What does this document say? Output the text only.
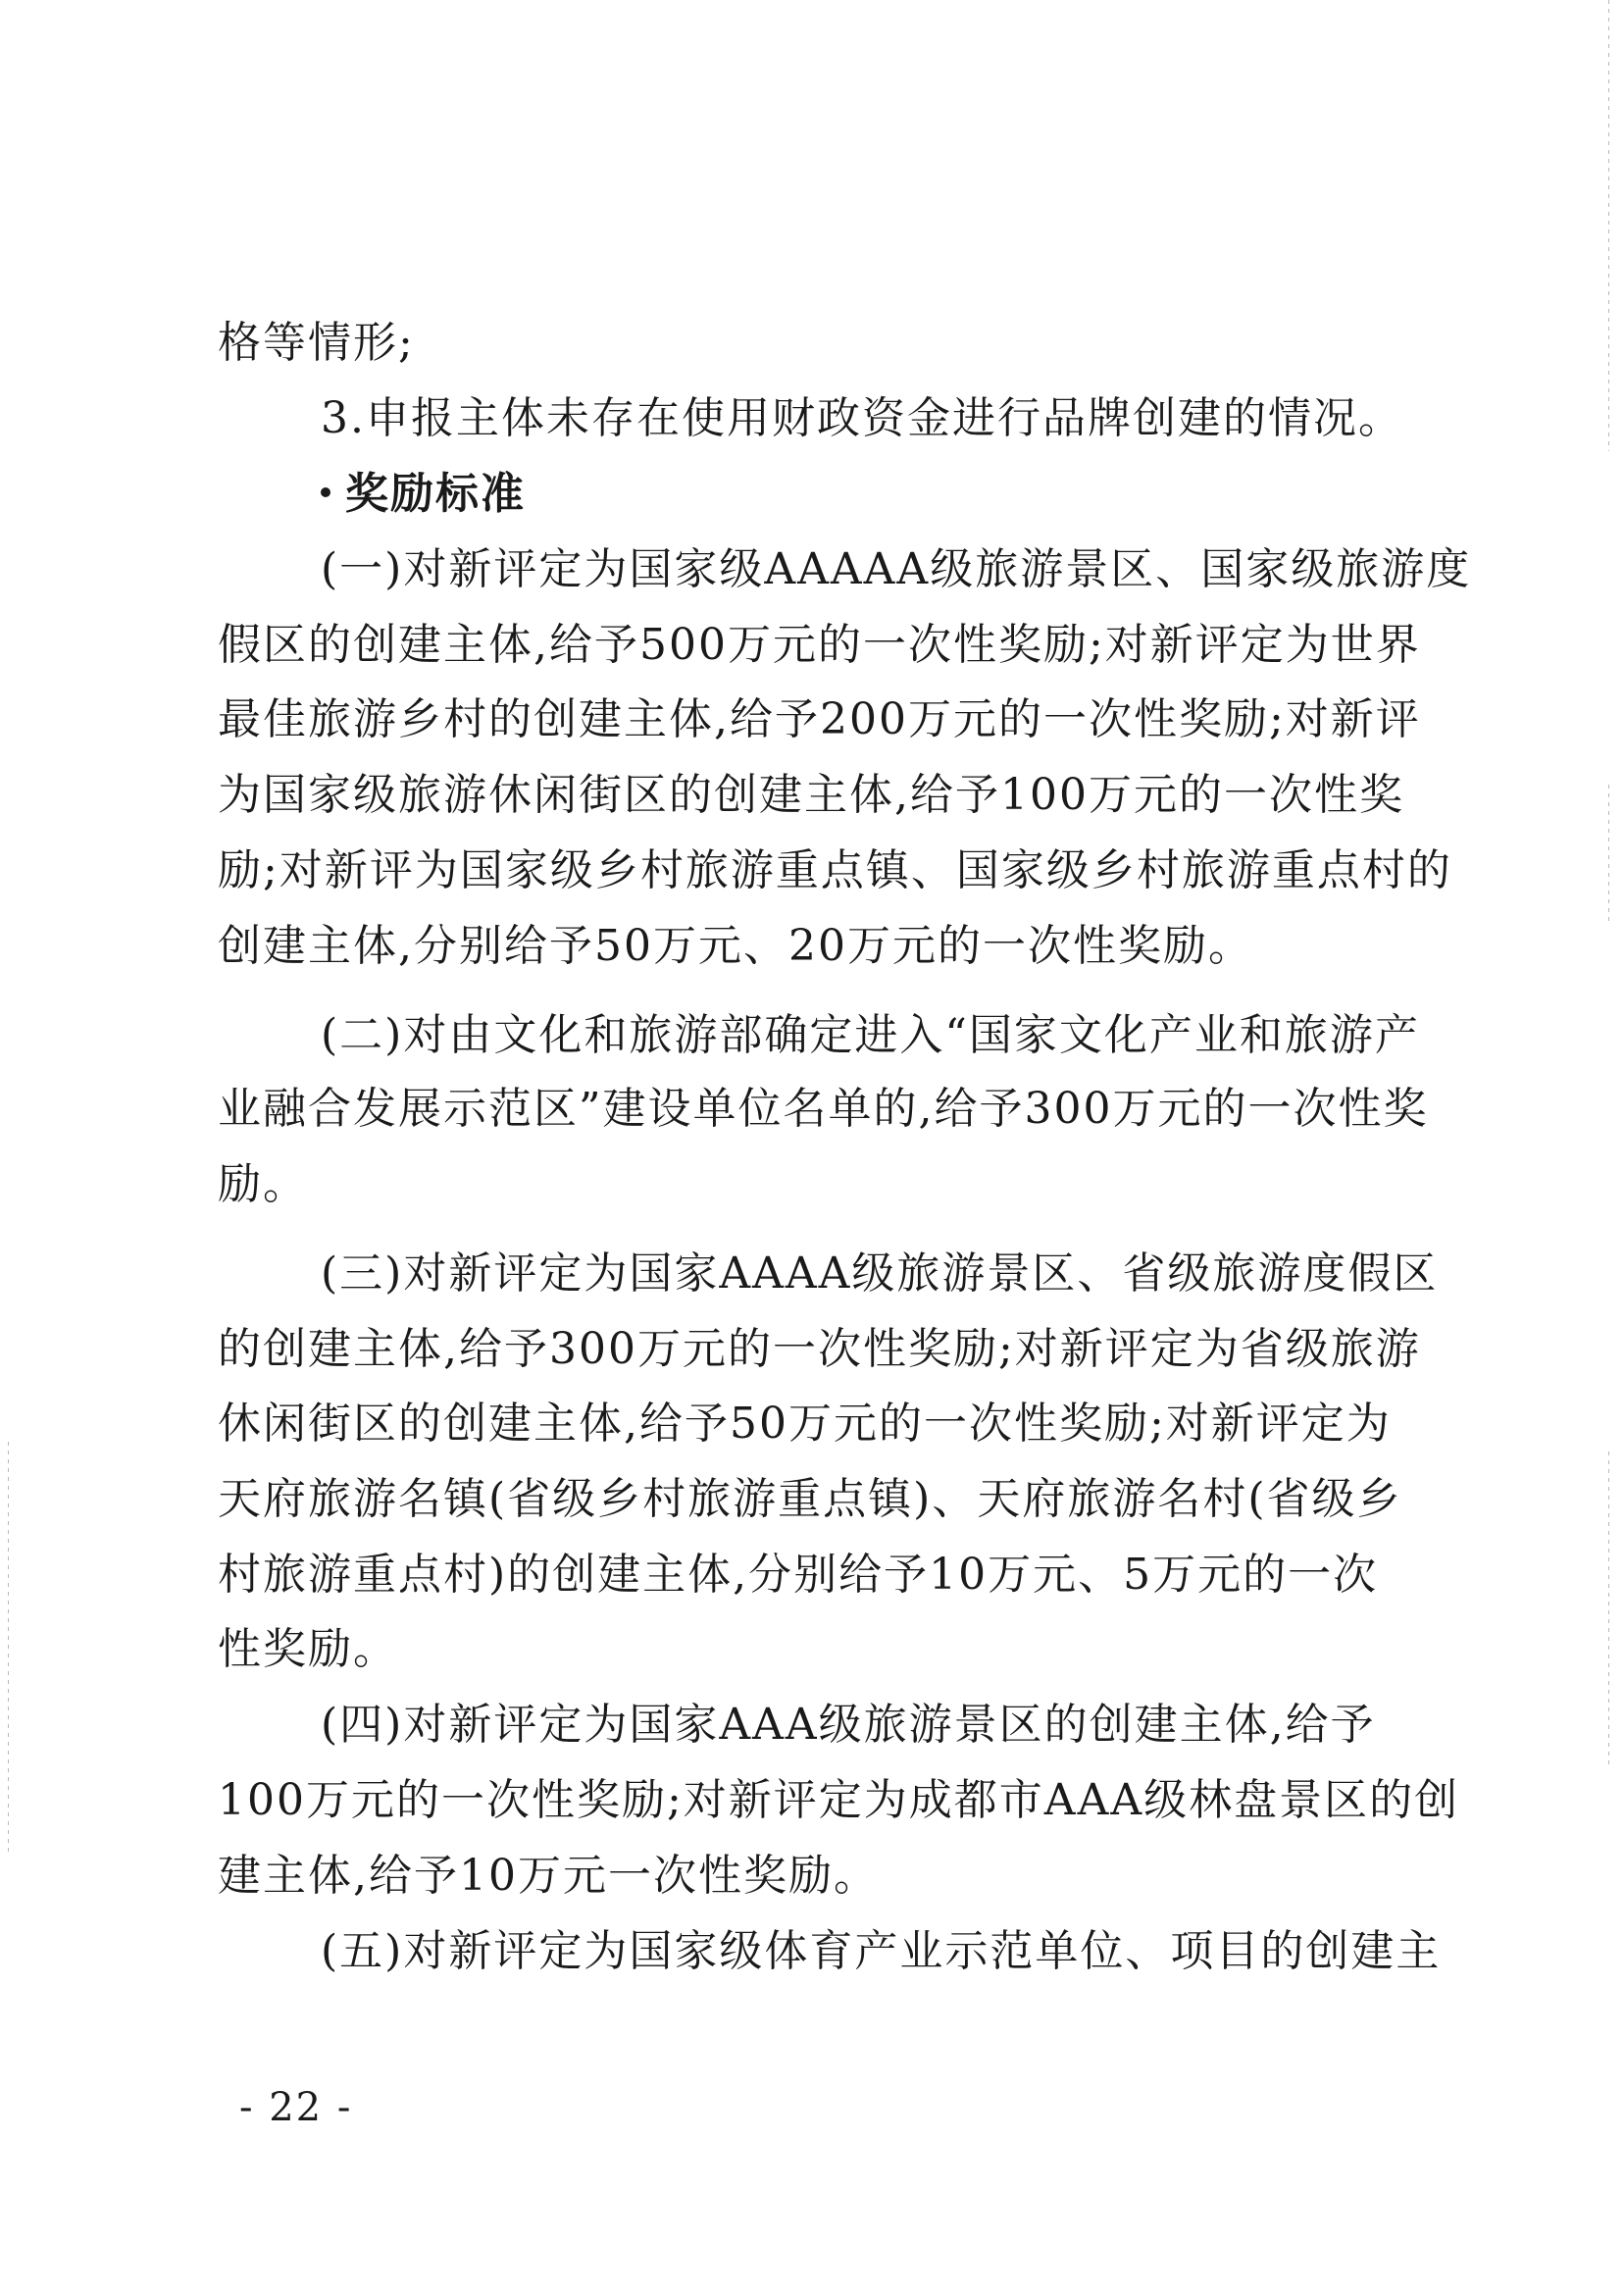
格等情形;
3.申报主体未存在使用财政资金进行品牌创建的情况。
奖励标准
(一)对新评定为国家级AAAAA级旅游景区、国家级旅游度
假区的创建主体,给予500万元的一次性奖励;对新评定为世界
最佳旅游乡村的创建主体,给予200万元的一次性奖励;对新评
为国家级旅游休闲街区的创建主体,给予100万元的一次性奖
励;对新评为国家级乡村旅游重点镇、国家级乡村旅游重点村的
创建主体,分别给予50万元、20万元的一次性奖励。
(二)对由文化和旅游部确定进入“国家文化产业和旅游产
业融合发展示范区”建设单位名单的,给予300万元的一次性奖
励。
(三)对新评定为国家AAAA级旅游景区、省级旅游度假区
的创建主体,给予300万元的一次性奖励;对新评定为省级旅游
休闲街区的创建主体,给予50万元的一次性奖励;对新评定为
天府旅游名镇(省级乡村旅游重点镇)、天府旅游名村(省级乡
村旅游重点村)的创建主体,分别给予10万元、5万元的一次
性奖励。
(四)对新评定为国家AAA级旅游景区的创建主体,给予
100万元的一次性奖励;对新评定为成都市AAA级林盘景区的创
建主体,给予10万元一次性奖励。
(五)对新评定为国家级体育产业示范单位、项目的创建主
- 22 -
